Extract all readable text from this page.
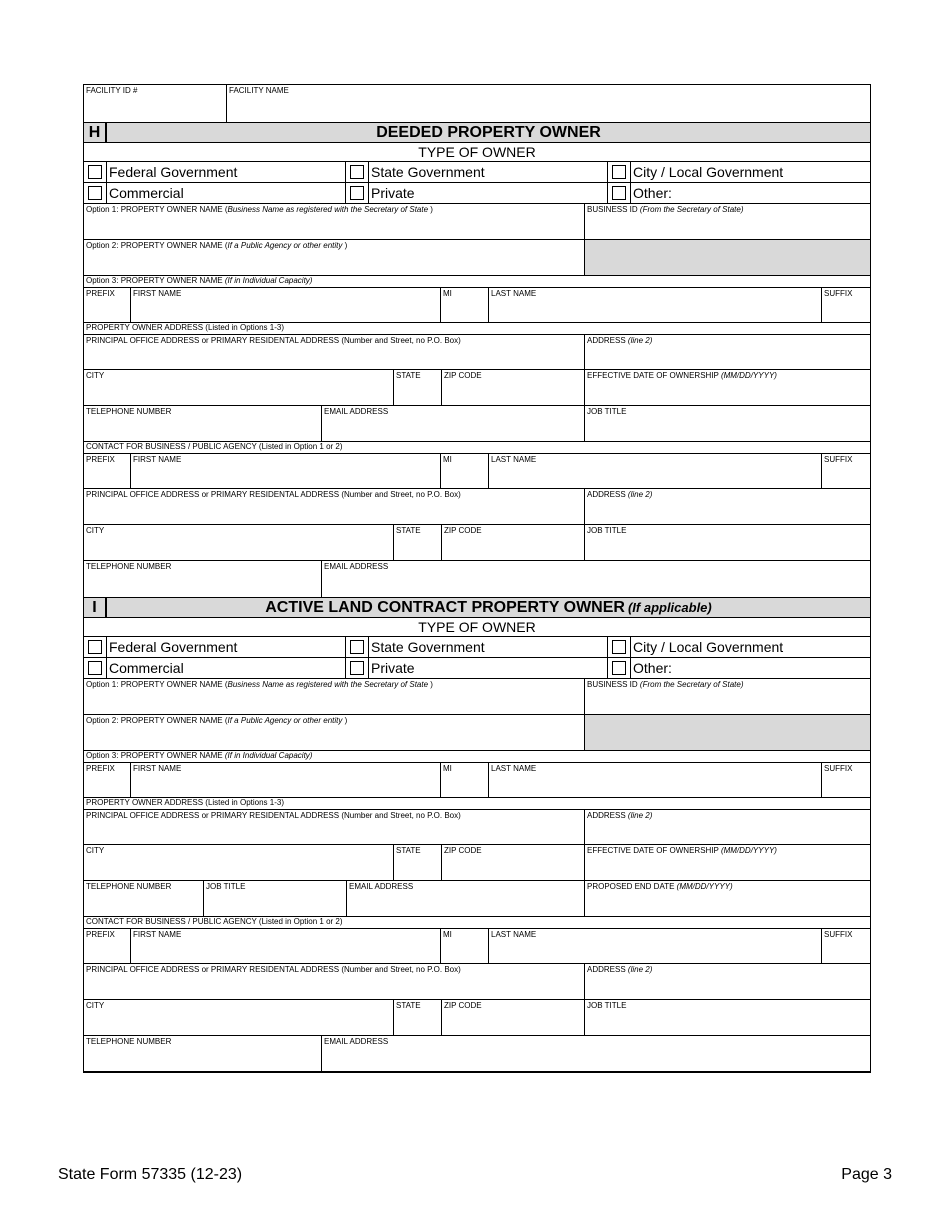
FACILITY ID #	FACILITY NAME
H	DEEDED PROPERTY OWNER
TYPE OF OWNER
Federal Government	State Government	City / Local Government
Commercial	Private	Other:
Option 1: PROPERTY OWNER NAME (Business Name as registered with the Secretary of State )	BUSINESS ID (From the Secretary of State)
Option 2: PROPERTY OWNER NAME (If a Public Agency or other entity )
Option 3: PROPERTY OWNER NAME (If in Individual Capacity)
PREFIX FIRST NAME	MI	LAST NAME	SUFFIX
PROPERTY OWNER ADDRESS (Listed in Options 1-3)
PRINCIPAL OFFICE ADDRESS or PRIMARY RESIDENTAL ADDRESS (Number and Street, no P.O. Box)	ADDRESS (line 2)
CITY	STATE	ZIP CODE	EFFECTIVE DATE OF OWNERSHIP (MM/DD/YYYY)
TELEPHONE NUMBER	EMAIL ADDRESS	JOB TITLE
CONTACT FOR BUSINESS / PUBLIC AGENCY (Listed in Option 1 or 2)
PREFIX FIRST NAME	MI	LAST NAME	SUFFIX
PRINCIPAL OFFICE ADDRESS or PRIMARY RESIDENTAL ADDRESS (Number and Street, no P.O. Box)	ADDRESS (line 2)
CITY	STATE	ZIP CODE	JOB TITLE
TELEPHONE NUMBER	EMAIL ADDRESS
I	ACTIVE LAND CONTRACT PROPERTY OWNER (If applicable)
TYPE OF OWNER
Federal Government	State Government	City / Local Government
Commercial	Private	Other:
Option 1: PROPERTY OWNER NAME (Business Name as registered with the Secretary of State )	BUSINESS ID (From the Secretary of State)
Option 2: PROPERTY OWNER NAME (If a Public Agency or other entity )
Option 3: PROPERTY OWNER NAME (If in Individual Capacity)
PREFIX FIRST NAME	MI	LAST NAME	SUFFIX
PROPERTY OWNER ADDRESS (Listed in Options 1-3)
PRINCIPAL OFFICE ADDRESS or PRIMARY RESIDENTAL ADDRESS (Number and Street, no P.O. Box)	ADDRESS (line 2)
CITY	STATE	ZIP CODE	EFFECTIVE DATE OF OWNERSHIP (MM/DD/YYYY)
TELEPHONE NUMBER	JOB TITLE	EMAIL ADDRESS	PROPOSED END DATE (MM/DD/YYYY)
CONTACT FOR BUSINESS / PUBLIC AGENCY (Listed in Option 1 or 2)
PREFIX FIRST NAME	MI	LAST NAME	SUFFIX
PRINCIPAL OFFICE ADDRESS or PRIMARY RESIDENTAL ADDRESS (Number and Street, no P.O. Box)	ADDRESS (line 2)
CITY	STATE	ZIP CODE	JOB TITLE
TELEPHONE NUMBER	EMAIL ADDRESS
State Form 57335 (12-23)	Page 3
